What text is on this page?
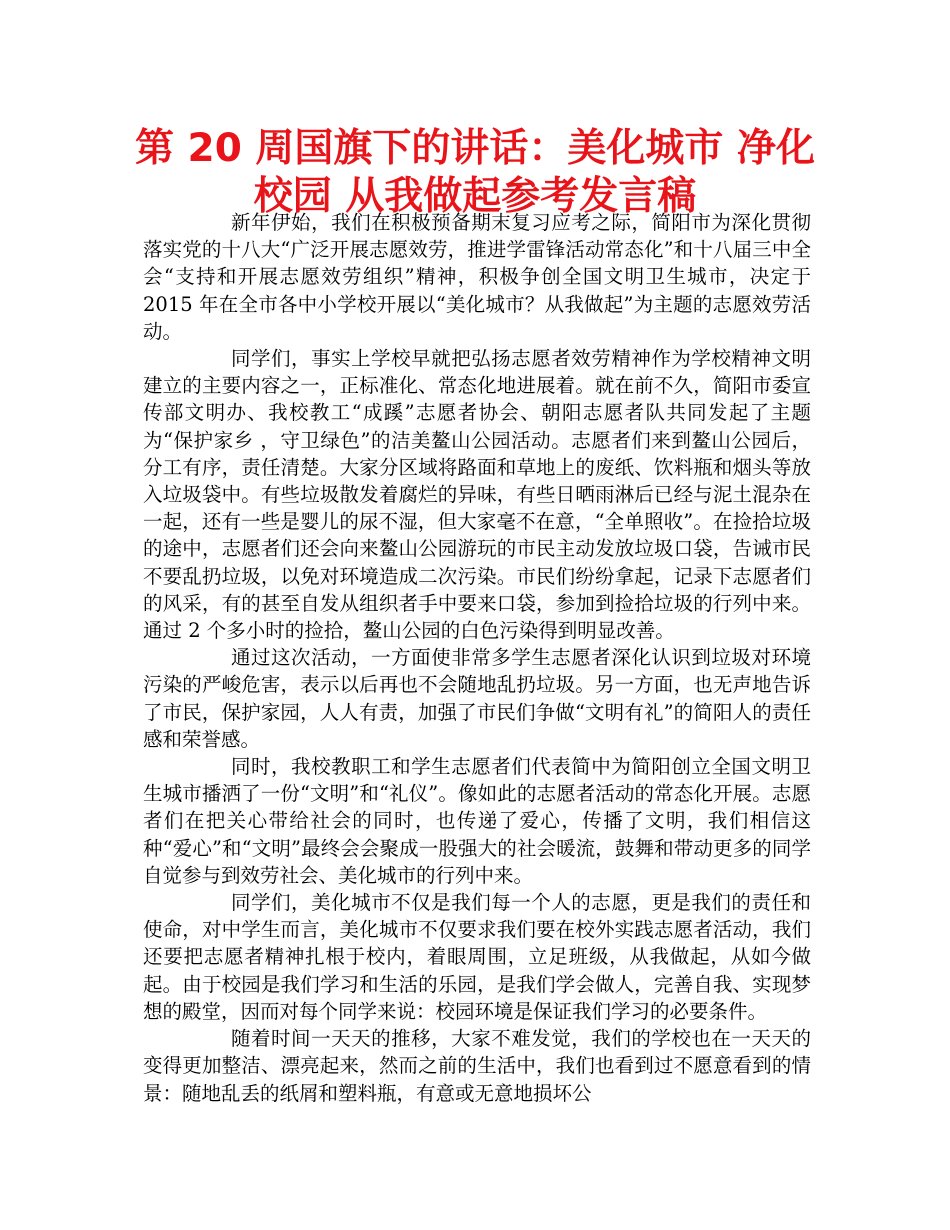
第 20 周国旗下的讲话：美化城市 净化校园 从我做起参考发言稿

新年伊始，我们在积极预备期末复习应考之际，简阳市为深化贯彻落实党的十八大“广泛开展志愿效劳，推进学雷锋活动常态化”和十八届三中全会“支持和开展志愿效劳组织”精神，积极争创全国文明卫生城市，决定于 2015 年在全市各中小学校开展以“美化城市？从我做起”为主题的志愿效劳活动。

同学们，事实上学校早就把弘扬志愿者效劳精神作为学校精神文明建立的主要内容之一，正标准化、常态化地进展着。就在前不久，简阳市委宣传部文明办、我校教工“成蹊”志愿者协会、朝阳志愿者队共同发起了主题为“保护家乡 ，守卫绿色”的洁美鳌山公园活动。志愿者们来到鳌山公园后，分工有序，责任清楚。大家分区域将路面和草地上的废纸、饮料瓶和烟头等放入垃圾袋中。有些垃圾散发着腐烂的异味，有些日晒雨淋后已经与泥土混杂在一起，还有一些是婴儿的尿不湿，但大家毫不在意，“全单照收”。在捡拾垃圾的途中，志愿者们还会向来鳌山公园游玩的市民主动发放垃圾口袋，告诫市民不要乱扔垃圾，以免对环境造成二次污染。市民们纷纷拿起，记录下志愿者们的风采，有的甚至自发从组织者手中要来口袋，参加到捡拾垃圾的行列中来。通过 2 个多小时的捡拾，鳌山公园的白色污染得到明显改善。

通过这次活动，一方面使非常多学生志愿者深化认识到垃圾对环境污染的严峻危害，表示以后再也不会随地乱扔垃圾。另一方面，也无声地告诉了市民，保护家园，人人有责，加强了市民们争做“文明有礼”的简阳人的责任感和荣誉感。

同时，我校教职工和学生志愿者们代表简中为简阳创立全国文明卫生城市播洒了一份“文明”和“礼仪”。像如此的志愿者活动的常态化开展。志愿者们在把关心带给社会的同时，也传递了爱心，传播了文明，我们相信这种“爱心”和“文明”最终会会聚成一股强大的社会暖流，鼓舞和带动更多的同学自觉参与到效劳社会、美化城市的行列中来。

同学们，美化城市不仅是我们每一个人的志愿，更是我们的责任和使命，对中学生而言，美化城市不仅要求我们要在校外实践志愿者活动，我们还要把志愿者精神扎根于校内，着眼周围，立足班级，从我做起，从如今做起。由于校园是我们学习和生活的乐园，是我们学会做人，完善自我、实现梦想的殿堂，因而对每个同学来说：校园环境是保证我们学习的必要条件。

随着时间一天天的推移，大家不难发觉，我们的学校也在一天天的变得更加整洁、漂亮起来，然而之前的生活中，我们也看到过不愿意看到的情景：随地乱丢的纸屑和塑料瓶，有意或无意地损坏公
